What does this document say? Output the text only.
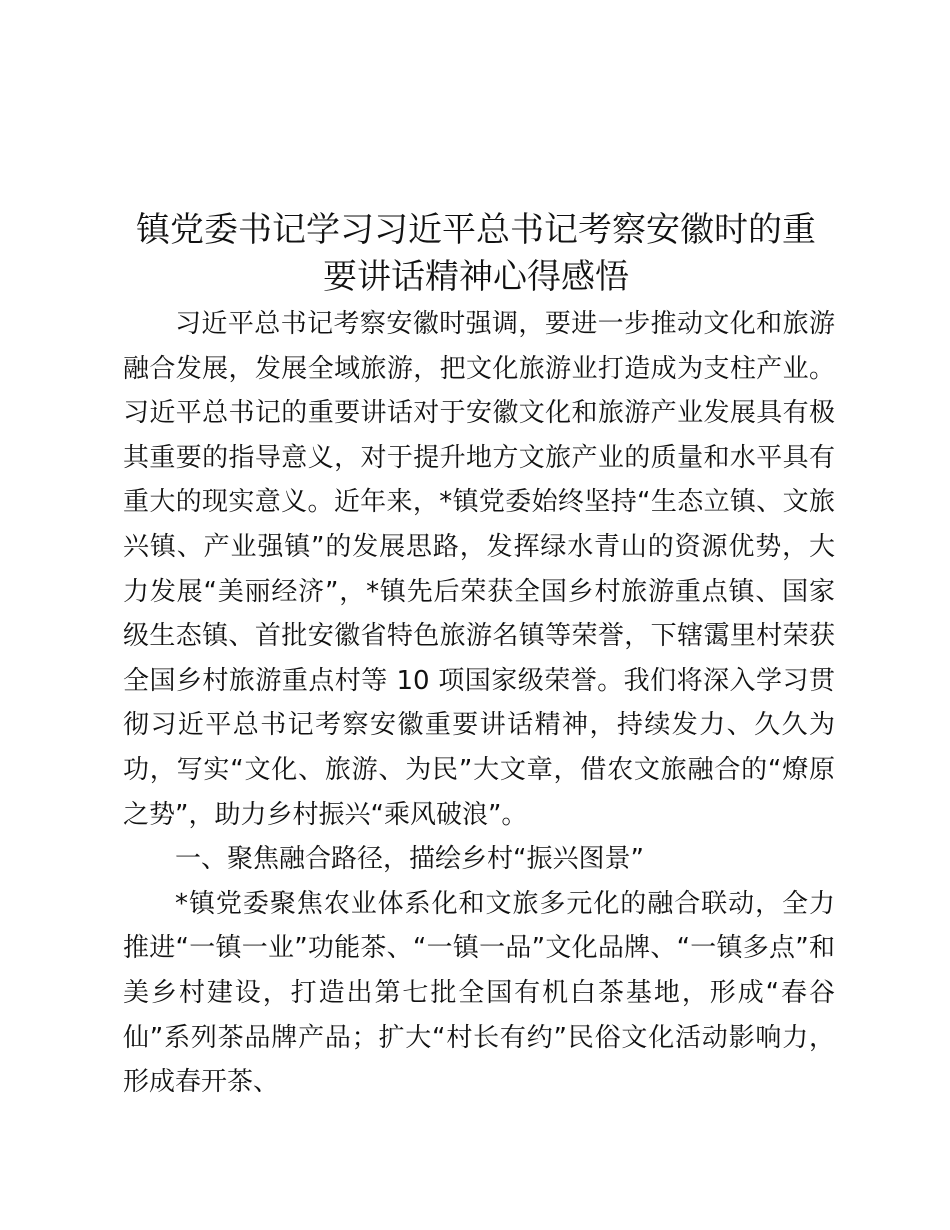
镇党委书记学习习近平总书记考察安徽时的重要讲话精神心得感悟

习近平总书记考察安徽时强调，要进一步推动文化和旅游融合发展，发展全域旅游，把文化旅游业打造成为支柱产业。习近平总书记的重要讲话对于安徽文化和旅游产业发展具有极其重要的指导意义，对于提升地方文旅产业的质量和水平具有重大的现实意义。近年来，*镇党委始终坚持“生态立镇、文旅兴镇、产业强镇”的发展思路，发挥绿水青山的资源优势，大力发展“美丽经济”，*镇先后荣获全国乡村旅游重点镇、国家级生态镇、首批安徽省特色旅游名镇等荣誉，下辖霭里村荣获全国乡村旅游重点村等 10 项国家级荣誉。我们将深入学习贯彻习近平总书记考察安徽重要讲话精神，持续发力、久久为功，写实“文化、旅游、为民”大文章，借农文旅融合的“燎原之势”，助力乡村振兴“乘风破浪”。

一、聚焦融合路径，描绘乡村“振兴图景”

*镇党委聚焦农业体系化和文旅多元化的融合联动，全力推进“一镇一业”功能茶、“一镇一品”文化品牌、“一镇多点”和美乡村建设，打造出第七批全国有机白茶基地，形成“春谷仙”系列茶品牌产品；扩大“村长有约”民俗文化活动影响力，形成春开茶、
